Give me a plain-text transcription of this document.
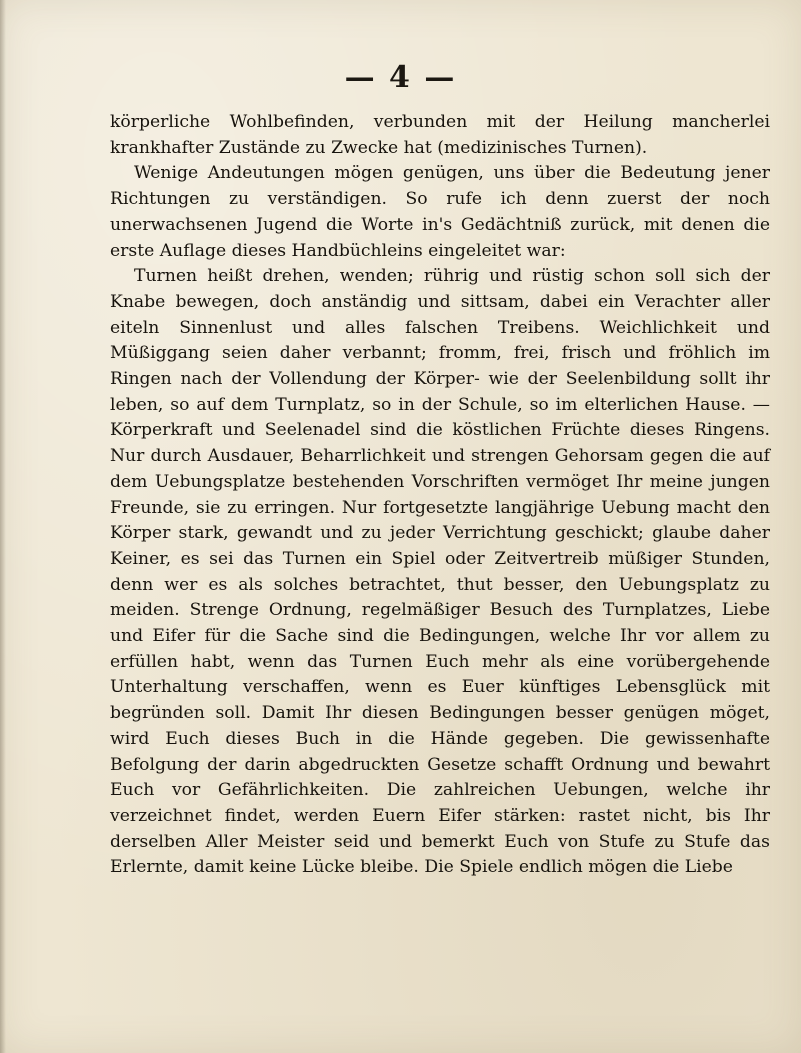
— 4 —

körperliche Wohlbefinden, verbunden mit der Heilung mancherlei krankhafter Zustände zu Zwecke hat (medizinisches Turnen).

Wenige Andeutungen mögen genügen, uns über die Bedeutung jener Richtungen zu verständigen. So rufe ich denn zuerst der noch unerwachsenen Jugend die Worte in's Gedächtniß zurück, mit denen die erste Auflage dieses Handbüchleins eingeleitet war:

Turnen heißt drehen, wenden; rührig und rüstig schon soll sich der Knabe bewegen, doch anständig und sittsam, dabei ein Verachter aller eiteln Sinnenlust und alles falschen Treibens. Weichlichkeit und Müßiggang seien daher verbannt; fromm, frei, frisch und fröhlich im Ringen nach der Vollendung der Körper- wie der Seelenbildung sollt ihr leben, so auf dem Turnplatz, so in der Schule, so im elterlichen Hause. — Körperkraft und Seelenadel sind die köstlichen Früchte dieses Ringens. Nur durch Ausdauer, Beharrlichkeit und strengen Gehorsam gegen die auf dem Uebungsplatze bestehenden Vorschriften vermöget Ihr meine jungen Freunde, sie zu erringen. Nur fortgesetzte langjährige Uebung macht den Körper stark, gewandt und zu jeder Verrichtung geschickt; glaube daher Keiner, es sei das Turnen ein Spiel oder Zeitvertreib müßiger Stunden, denn wer es als solches betrachtet, thut besser, den Uebungsplatz zu meiden. Strenge Ordnung, regelmäßiger Besuch des Turnplatzes, Liebe und Eifer für die Sache sind die Bedingungen, welche Ihr vor allem zu erfüllen habt, wenn das Turnen Euch mehr als eine vorübergehende Unterhaltung verschaffen, wenn es Euer künftiges Lebensglück mit begründen soll. Damit Ihr diesen Bedingungen besser genügen möget, wird Euch dieses Buch in die Hände gegeben. Die gewissenhafte Befolgung der darin abgedruckten Gesetze schafft Ordnung und bewahrt Euch vor Gefährlichkeiten. Die zahlreichen Uebungen, welche ihr verzeichnet findet, werden Euern Eifer stärken: rastet nicht, bis Ihr derselben Aller Meister seid und bemerkt Euch von Stufe zu Stufe das Erlernte, damit keine Lücke bleibe. Die Spiele endlich mögen die Liebe
